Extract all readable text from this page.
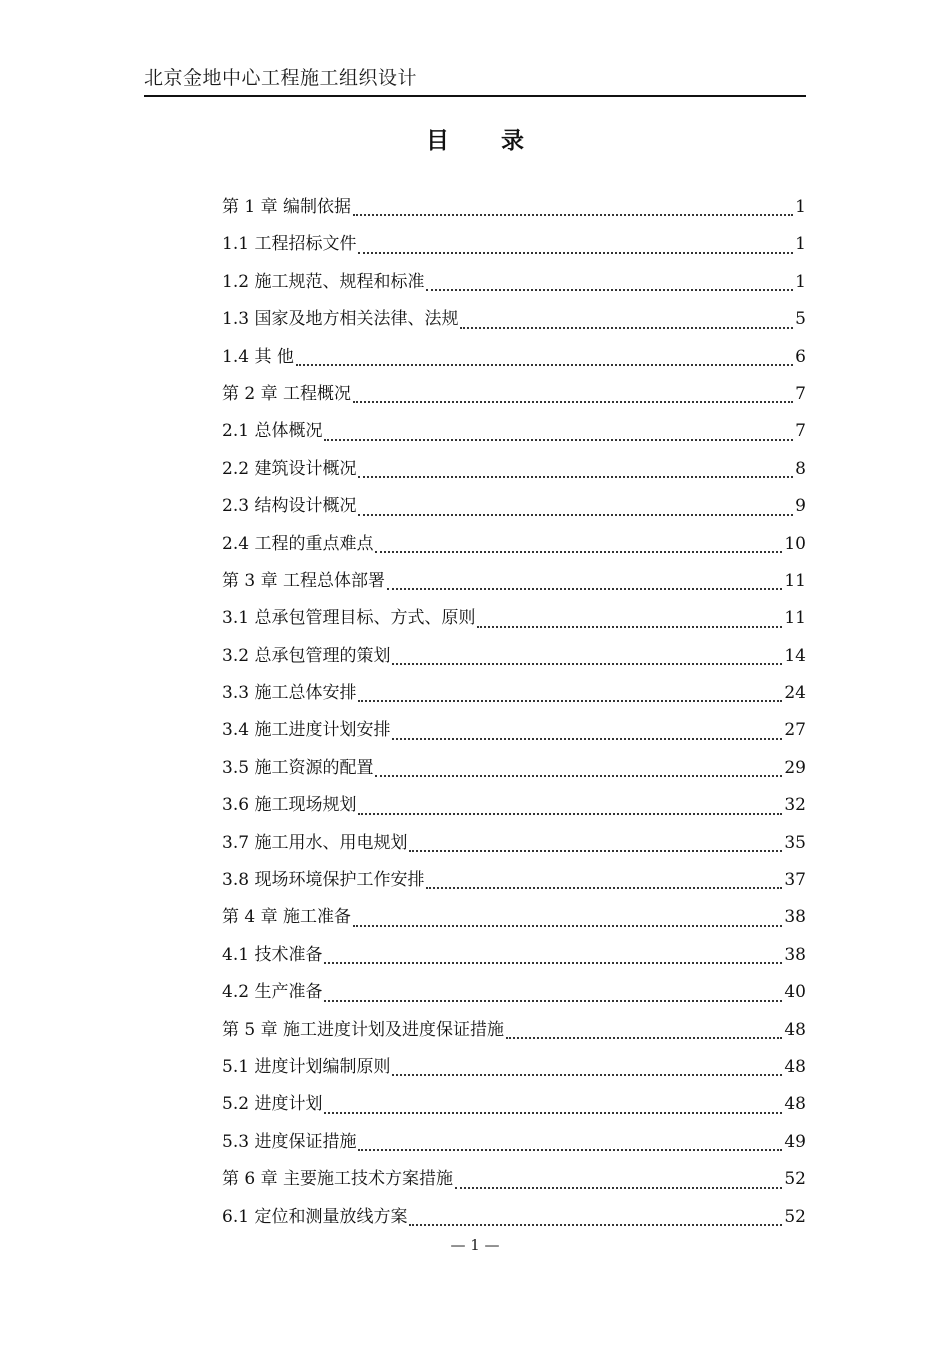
北京金地中心工程施工组织设计
目 录
第 1 章 编制依据	1
1.1 工程招标文件	1
1.2 施工规范、规程和标准	1
1.3 国家及地方相关法律、法规	5
1.4 其 他	6
第 2 章 工程概况	7
2.1 总体概况	7
2.2 建筑设计概况	8
2.3 结构设计概况	9
2.4 工程的重点难点	10
第 3 章 工程总体部署	11
3.1 总承包管理目标、方式、原则	11
3.2 总承包管理的策划	14
3.3 施工总体安排	24
3.4 施工进度计划安排	27
3.5 施工资源的配置	29
3.6 施工现场规划	32
3.7 施工用水、用电规划	35
3.8 现场环境保护工作安排	37
第 4 章 施工准备	38
4.1 技术准备	38
4.2 生产准备	40
第 5 章 施工进度计划及进度保证措施	48
5.1 进度计划编制原则	48
5.2 进度计划	48
5.3 进度保证措施	49
第 6 章 主要施工技术方案措施	52
6.1 定位和测量放线方案	52
— 1 —
